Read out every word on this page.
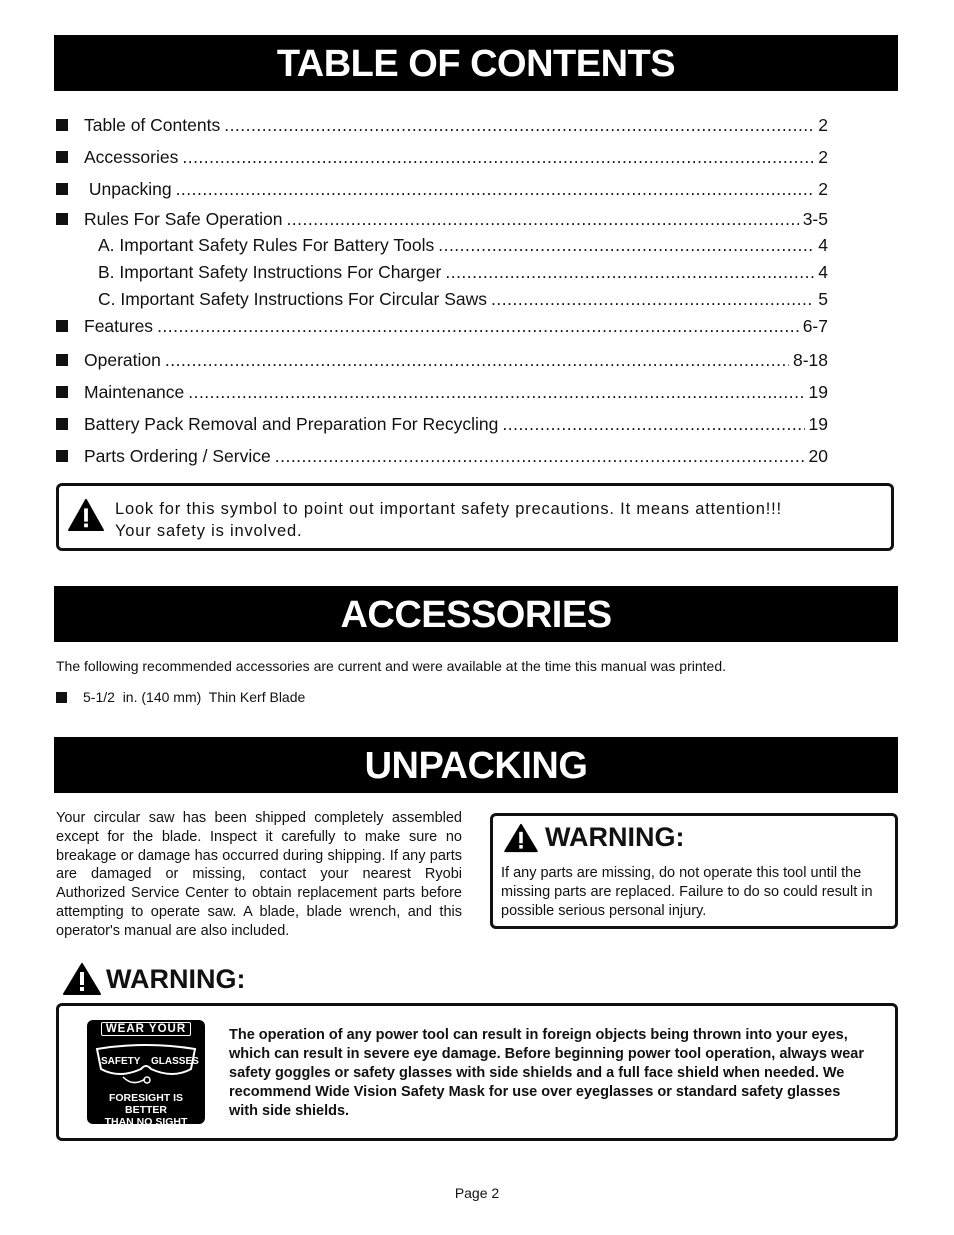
TABLE OF CONTENTS
Table of Contents .....	2
Accessories .....	2
Unpacking .....	2
Rules For Safe Operation .....	3-5
A. Important Safety Rules For Battery Tools .....	4
B. Important Safety Instructions For Charger .....	4
C. Important Safety Instructions For Circular Saws .....	5
Features .....	6-7
Operation .....	8-18
Maintenance .....	19
Battery Pack Removal and Preparation For Recycling .....	19
Parts Ordering / Service .....	20
Look for this symbol to point out important safety precautions. It means attention!!!
Your safety is involved.
ACCESSORIES
The following recommended accessories are current and were available at the time this manual was printed.
5-1/2  in. (140 mm)  Thin Kerf Blade
UNPACKING
Your circular saw has been shipped completely assembled except for the blade. Inspect it carefully to make sure no breakage or damage has occurred during shipping. If any parts are damaged or missing, contact your nearest Ryobi Authorized Service Center to obtain replacement parts before attempting to operate saw. A blade, blade wrench, and this operator's manual are also included.
WARNING:
If any parts are missing, do not operate this tool until the missing parts are replaced. Failure to do so could result in possible serious personal injury.
WARNING:
WEAR YOUR
SAFETY GLASSES
FORESIGHT IS BETTER
THAN NO SIGHT
The operation of any power tool can result in foreign objects being thrown into your eyes, which can result in severe eye damage. Before beginning power tool operation, always wear safety goggles or safety glasses with side shields and a full face shield when needed. We recommend Wide Vision Safety Mask for use over eyeglasses or standard safety glasses with side shields.
Page 2
